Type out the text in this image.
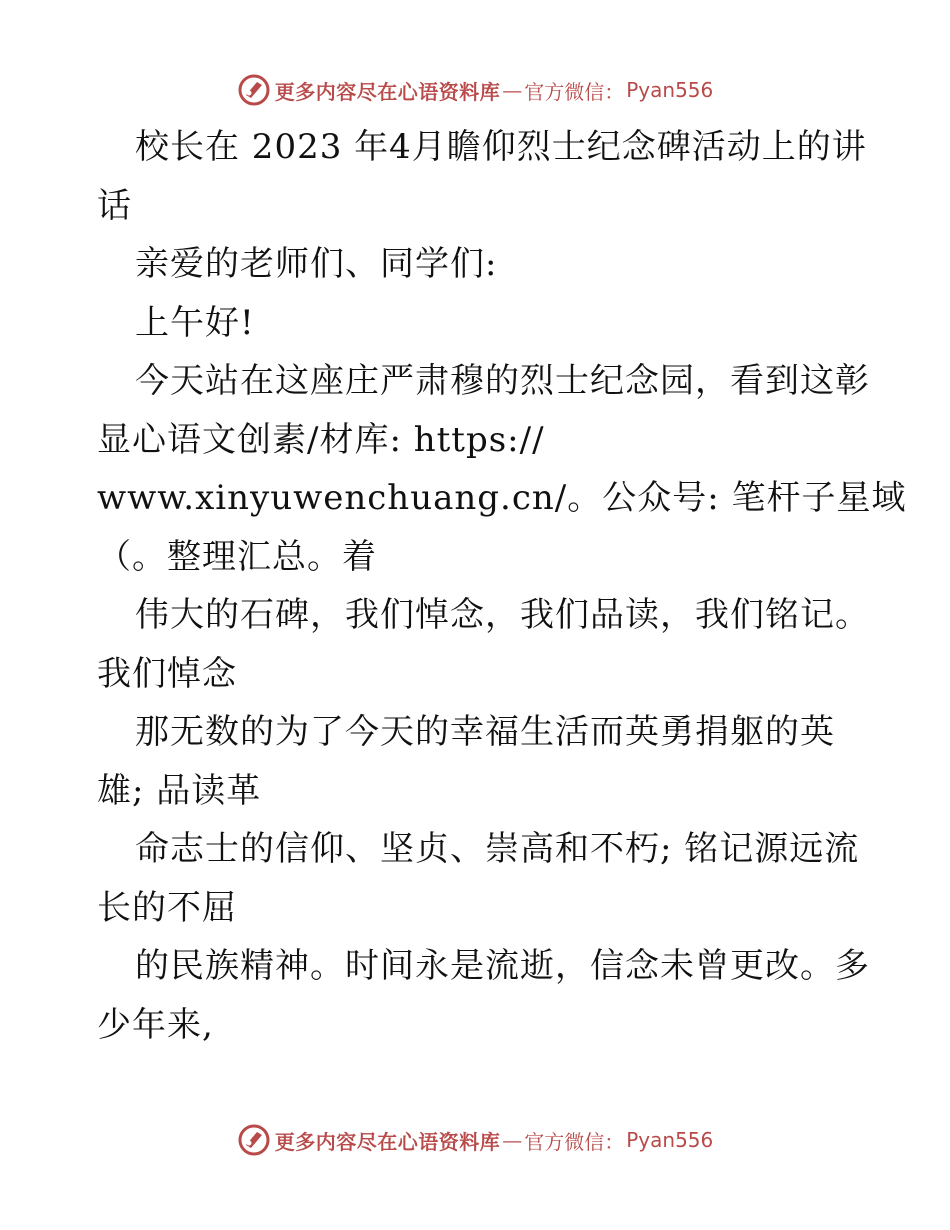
更多内容尽在心语资料库 — 官方微信： Pyan556
校长在 2023 年4月瞻仰烈士纪念碑活动上的讲
话
亲爱的老师们、同学们:
上午好!
今天站在这座庄严肃穆的烈士纪念园，看到这彰
显心语文创素/材库: https://
www.xinyuwenchuang.cn/。公众号: 笔杆子星域
（。整理汇总。着
伟大的石碑，我们悼念，我们品读，我们铭记。
我们悼念
那无数的为了今天的幸福生活而英勇捐躯的英
雄; 品读革
命志士的信仰、坚贞、崇高和不朽; 铭记源远流
长的不屈
的民族精神。时间永是流逝，信念未曾更改。多
少年来,
更多内容尽在心语资料库 — 官方微信： Pyan556
